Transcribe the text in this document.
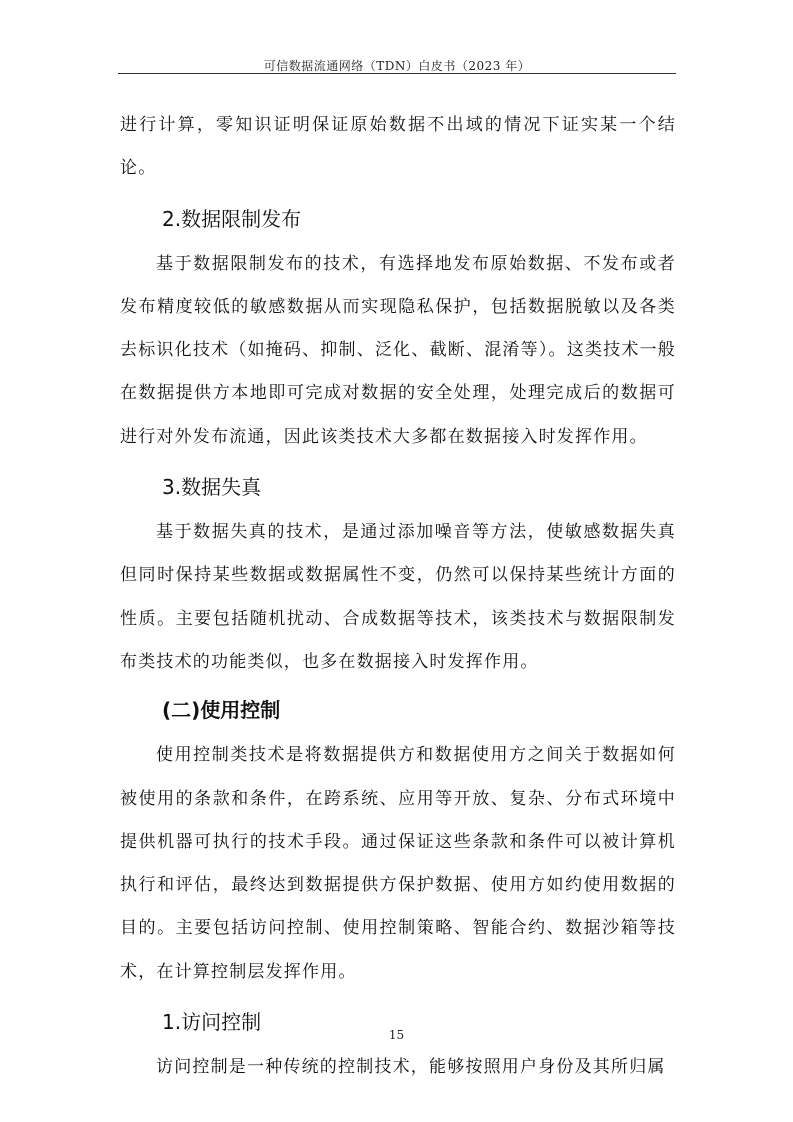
可信数据流通网络（TDN）白皮书（2023 年）

进行计算，零知识证明保证原始数据不出域的情况下证实某一个结论。

2.数据限制发布

基于数据限制发布的技术，有选择地发布原始数据、不发布或者发布精度较低的敏感数据从而实现隐私保护，包括数据脱敏以及各类去标识化技术（如掩码、抑制、泛化、截断、混淆等）。这类技术一般在数据提供方本地即可完成对数据的安全处理，处理完成后的数据可进行对外发布流通，因此该类技术大多都在数据接入时发挥作用。

3.数据失真

基于数据失真的技术，是通过添加噪音等方法，使敏感数据失真但同时保持某些数据或数据属性不变，仍然可以保持某些统计方面的性质。主要包括随机扰动、合成数据等技术，该类技术与数据限制发布类技术的功能类似，也多在数据接入时发挥作用。

(二)使用控制

使用控制类技术是将数据提供方和数据使用方之间关于数据如何被使用的条款和条件，在跨系统、应用等开放、复杂、分布式环境中提供机器可执行的技术手段。通过保证这些条款和条件可以被计算机执行和评估，最终达到数据提供方保护数据、使用方如约使用数据的目的。主要包括访问控制、使用控制策略、智能合约、数据沙箱等技术，在计算控制层发挥作用。

1.访问控制

访问控制是一种传统的控制技术，能够按照用户身份及其所归属

15
